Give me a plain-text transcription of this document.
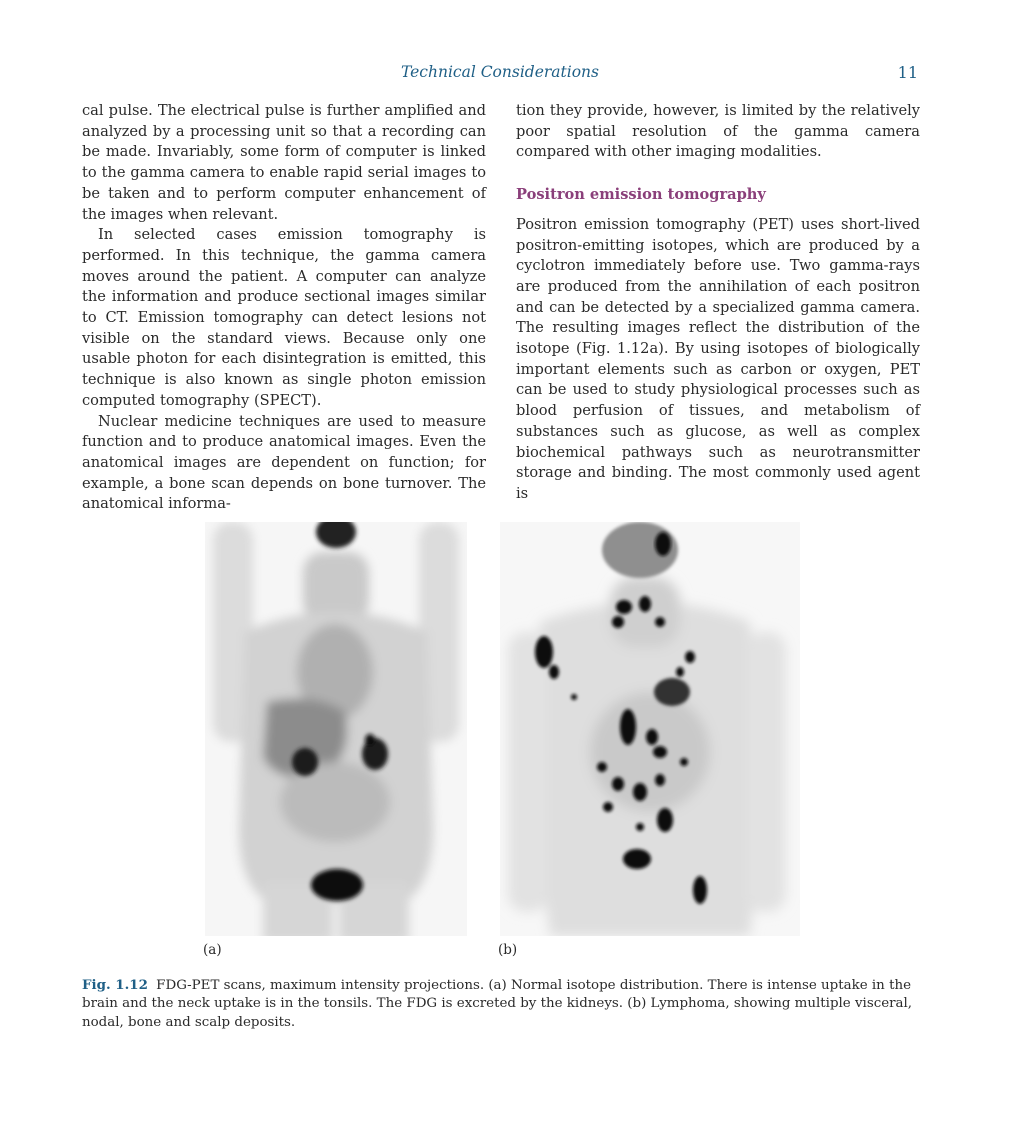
Technical Considerations	11

cal pulse. The electrical pulse is further amplified and analyzed by a processing unit so that a recording can be made. Invariably, some form of computer is linked to the gamma camera to enable rapid serial images to be taken and to perform computer enhancement of the images when relevant.

In selected cases emission tomography is performed. In this technique, the gamma camera moves around the patient. A computer can analyze the information and produce sectional images similar to CT. Emission tomography can detect lesions not visible on the standard views. Because only one usable photon for each disintegration is emitted, this technique is also known as single photon emission computed tomography (SPECT).

Nuclear medicine techniques are used to measure function and to produce anatomical images. Even the anatomical images are dependent on function; for example, a bone scan depends on bone turnover. The anatomical informa-

tion they provide, however, is limited by the relatively poor spatial resolution of the gamma camera compared with other imaging modalities.

Positron emission tomography

Positron emission tomography (PET) uses short-lived positron-emitting isotopes, which are produced by a cyclotron immediately before use. Two gamma-rays are produced from the annihilation of each positron and can be detected by a specialized gamma camera. The resulting images reflect the distribution of the isotope (Fig. 1.12a). By using isotopes of biologically important elements such as carbon or oxygen, PET can be used to study physiological processes such as blood perfusion of tissues, and metabolism of substances such as glucose, as well as complex biochemical pathways such as neurotransmitter storage and binding. The most commonly used agent is

(a)	(b)
Fig. 1.12 FDG-PET scans, maximum intensity projections. (a) Normal isotope distribution. There is intense uptake in the brain and the neck uptake is in the tonsils. The FDG is excreted by the kidneys. (b) Lymphoma, showing multiple visceral, nodal, bone and scalp deposits.
